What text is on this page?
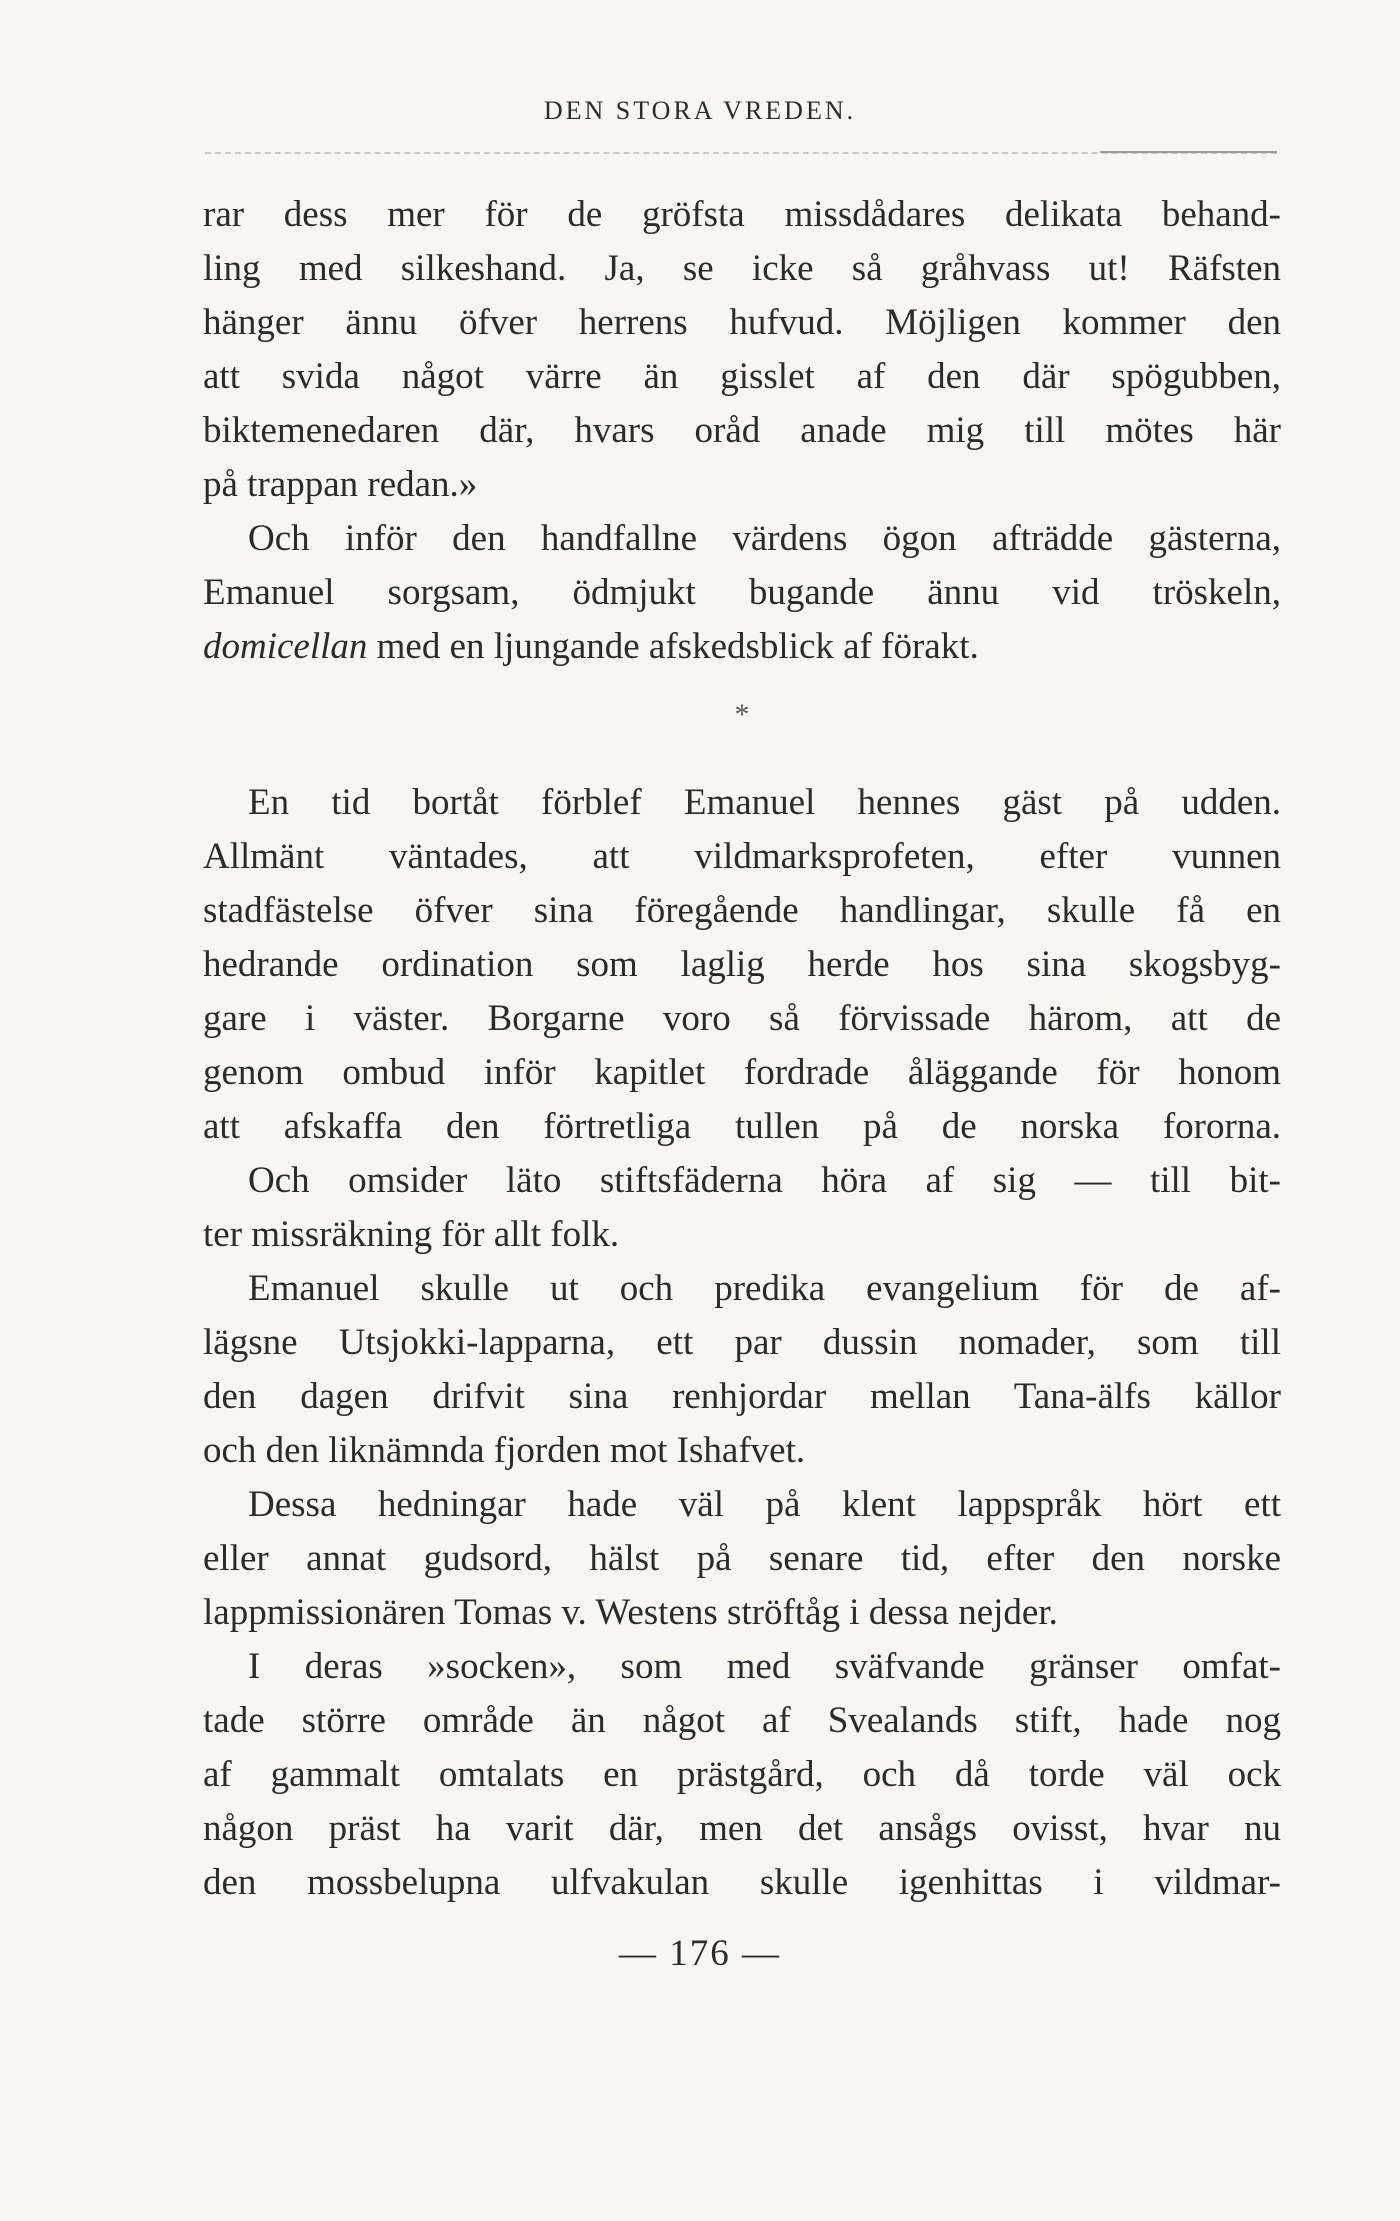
DEN STORA VREDEN.
rar dess mer för de gröfsta missdådares delikata behand-
ling med silkeshand. Ja, se icke så gråhvass ut! Räfsten
hänger ännu öfver herrens hufvud. Möjligen kommer den
att svida något värre än gisslet af den där spögubben,
biktemenedaren där, hvars oråd anade mig till mötes här
på trappan redan.»
Och inför den handfallne värdens ögon afträdde gästerna,
Emanuel sorgsam, ödmjukt bugande ännu vid tröskeln,
domicellan med en ljungande afskedsblick af förakt.
*
En tid bortåt förblef Emanuel hennes gäst på udden.
Allmänt väntades, att vildmarksprofeten, efter vunnen
stadfästelse öfver sina föregående handlingar, skulle få en
hedrande ordination som laglig herde hos sina skogsbyg-
gare i väster. Borgarne voro så förvissade härom, att de
genom ombud inför kapitlet fordrade åläggande för honom
att afskaffa den förtretliga tullen på de norska fororna.
Och omsider läto stiftsfäderna höra af sig — till bit-
ter missräkning för allt folk.
Emanuel skulle ut och predika evangelium för de af-
lägsne Utsjokki-lapparna, ett par dussin nomader, som till
den dagen drifvit sina renhjordar mellan Tana-älfs källor
och den liknämnda fjorden mot Ishafvet.
Dessa hedningar hade väl på klent lappspråk hört ett
eller annat gudsord, hälst på senare tid, efter den norske
lappmissionären Tomas v. Westens ströftåg i dessa nejder.
I deras »socken», som med sväfvande gränser omfat-
tade större område än något af Svealands stift, hade nog
af gammalt omtalats en prästgård, och då torde väl ock
någon präst ha varit där, men det ansågs ovisst, hvar nu
den mossbelupna ulfvakulan skulle igenhittas i vildmar-
— 176 —
